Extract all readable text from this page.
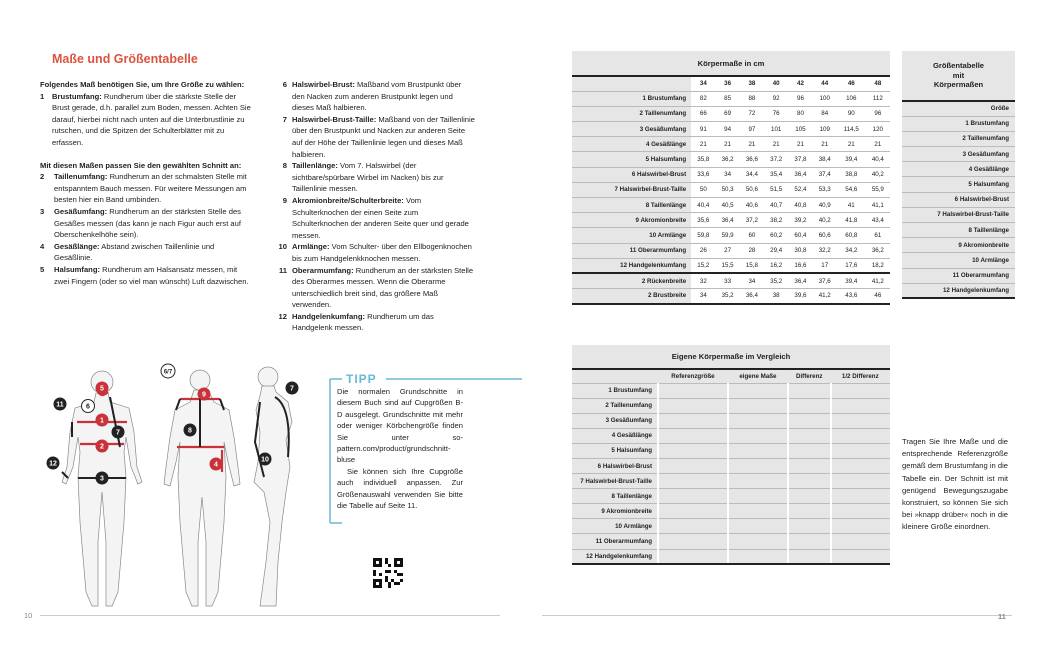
Maße und Größentabelle

Folgendes Maß benötigen Sie, um Ihre Größe zu wählen:

1	Brustumfang: Rundherum über die stärkste Stelle der Brust gerade, d.h. parallel zum Boden, messen. Achten Sie darauf, hierbei nicht nach unten auf die Unterbrustlinie zu rutschen, und die Spitzen der Schulterblätter mit zu erfassen.

Mit diesen Maßen passen Sie den gewählten Schnitt an:

2	Taillenumfang: Rundherum an der schmalsten Stelle mit entspanntem Bauch messen. Für weitere Messungen am besten hier ein Band umbinden.
3	Gesäßumfang: Rundherum an der stärksten Stelle des Gesäßes messen (das kann je nach Figur auch erst auf Oberschenkelhöhe sein).
4	Gesäßlänge: Abstand zwischen Taillenlinie und Gesäßlinie.
5	Halsumfang: Rundherum am Halsansatz messen, mit zwei Fingern (oder so viel man wünscht) Luft dazwischen.
6 Halswirbel-Brust: Maßband vom Brustpunkt über den Nacken zum anderen Brustpunkt legen und dieses Maß halbieren.
7 Halswirbel-Brust-Taille: Maßband von der Taillenlinie über den Brustpunkt und Nacken zur anderen Seite auf der Höhe der Taillenlinie legen und dieses Maß halbieren.
8 Taillenlänge: Vom 7. Halswirbel (der sichtbare/spürbare Wirbel im Nacken) bis zur Taillenlinie messen.
9 Akromionbreite/Schulterbreite: Vom Schulterknochen der einen Seite zum Schulterknochen der anderen Seite quer und gerade messen.
10 Armlänge: Vom Schulter- über den Ellbogenknochen bis zum Handgelenkknochen messen.
11 Oberarmumfang: Rundherum an der stärksten Stelle des Oberarmes messen. Wenn die Oberarme unterschiedlich breit sind, das größere Maß verwenden.
12 Handgelenkumfang: Rundherum um das Handgelenk messen.
5
6
11
1
7
2
12
3
6/7
9
8
4
7
10
TIPP

Die normalen Grundschnitte in diesem Buch sind auf Cupgrößen B-D ausgelegt. Grundschnitte mit mehr oder weniger Körbchengröße finden Sie unter so-pattern.com/product/grundschnitt-bluse

Sie können sich Ihre Cupgröße auch individuell anpassen. Zur Größenauswahl verwenden Sie bitte die Tabelle auf Seite 11.

10
Körpermaße in cm								
	34	36	38	40	42	44	46	48
1 Brustumfang	82	85	88	92	96	100	106	112
2 Taillenumfang	66	69	72	76	80	84	90	96
3 Gesäßumfang	91	94	97	101	105	109	114,5	120
4 Gesäßlänge	21	21	21	21	21	21	21	21
5 Halsumfang	35,8	36,2	36,6	37,2	37,8	38,4	39,4	40,4
6 Halswirbel-Brust	33,6	34	34,4	35,4	36,4	37,4	38,8	40,2
7 Halswirbel-Brust-Taille	50	50,3	50,6	51,5	52,4	53,3	54,6	55,9
8 Taillenlänge	40,4	40,5	40,6	40,7	40,8	40,9	41	41,1
9 Akromionbreite	35,6	36,4	37,2	38,2	39,2	40,2	41,8	43,4
10 Armlänge	59,8	59,9	60	60,2	60,4	60,6	60,8	61
11 Oberarmumfang	26	27	28	29,4	30,8	32,2	34,2	36,2
12 Handgelenkumfang	15,2	15,5	15,8	16,2	16,6	17	17,6	18,2
2 Rückenbreite	32	33	34	35,2	36,4	37,6	39,4	41,2
2 Brustbreite	34	35,2	36,4	38	39,6	41,2	43,6	46
Größentabelle
mit
Körpermaßen

Größe
1 Brustumfang
2 Taillenumfang
3 Gesäßumfang
4 Gesäßlänge
5 Halsumfang
6 Halswirbel-Brust
7 Halswirbel-Brust-Taille
8 Taillenlänge
9 Akromionbreite
10 Armlänge
11 Oberarmumfang
12 Handgelenkumfang
Eigene Körpermaße im Vergleich				
	Referenzgröße	eigene Maße	Differenz	1/2 Differenz
1 Brustumfang				
2 Taillenumfang				
3 Gesäßumfang				
4 Gesäßlänge				
5 Halsumfang				
6 Halswirbel-Brust				
7 Halswirbel-Brust-Taille				
8 Taillenlänge				
9 Akromionbreite				
10 Armlänge				
11 Oberarmumfang				
12 Handgelenkumfang				
Tragen Sie Ihre Maße und die entsprechende Referenzgröße gemäß dem Brustumfang in die Tabelle ein. Der Schnitt ist mit genügend Bewegungszugabe konstruiert, so können Sie sich bei »knapp drüber« noch in die kleinere Größe einordnen.
11
